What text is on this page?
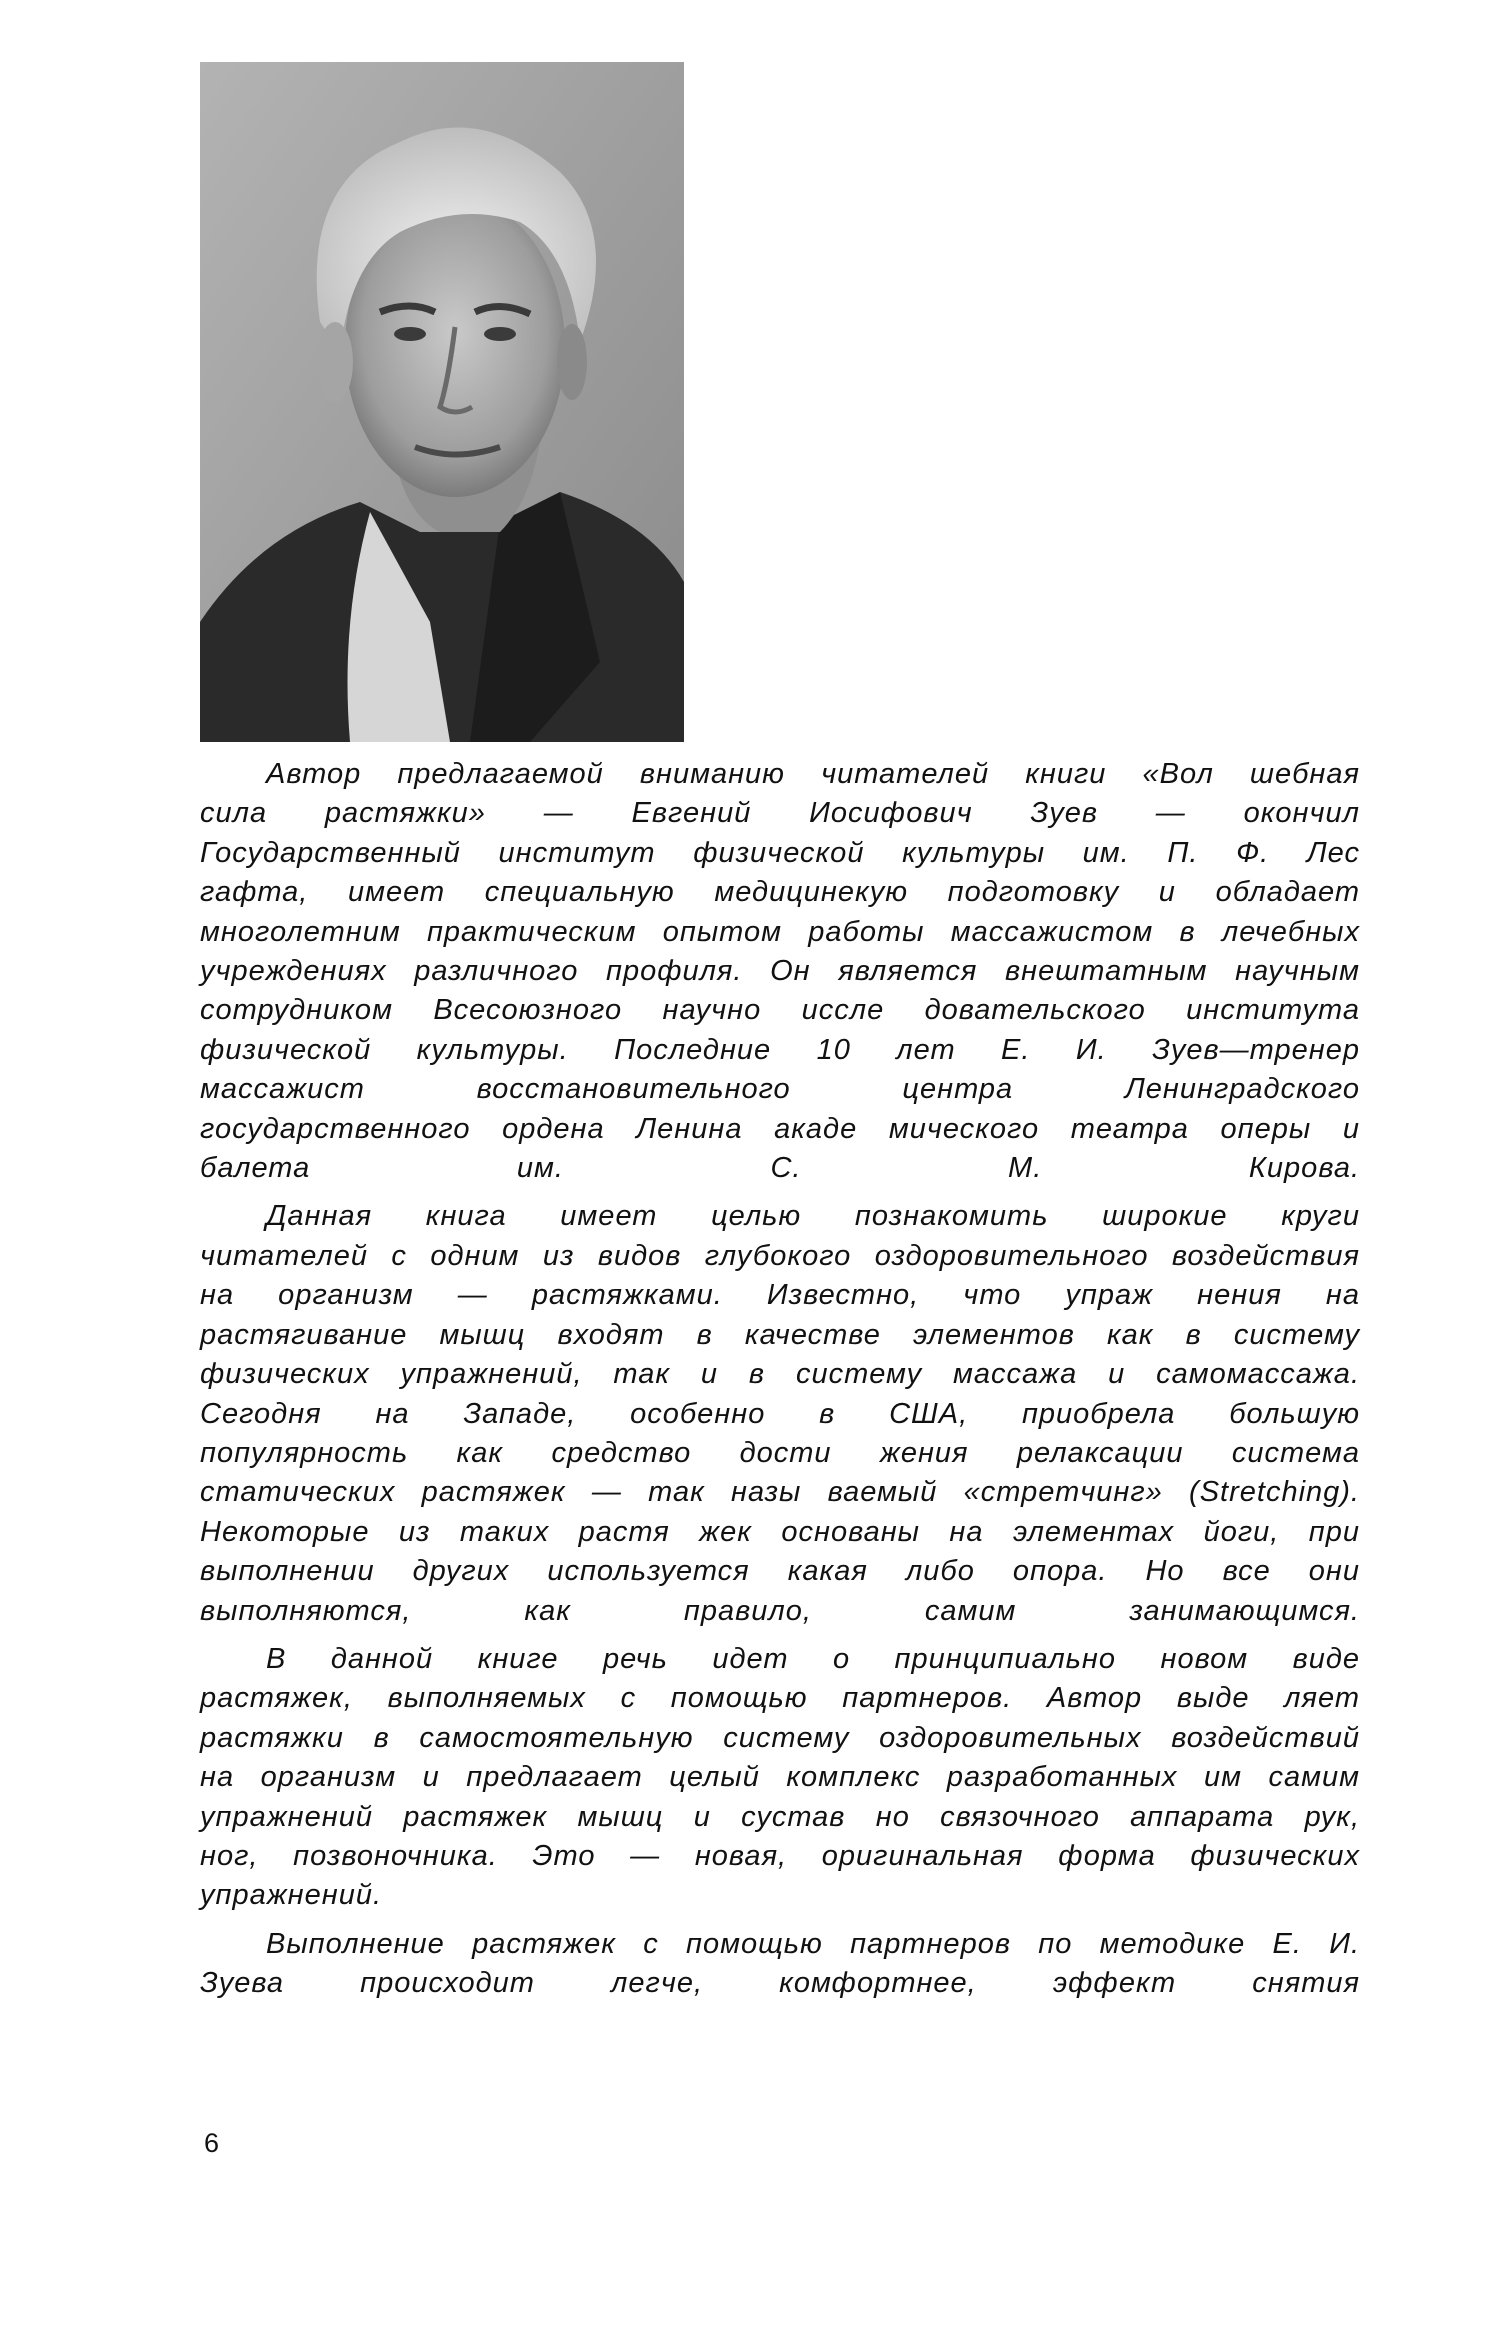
Автор предлагаемой вниманию читателей книги «Вол шебная сила растяжки» — Евгений Иосифович Зуев — окончил Государственный институт физической культуры им. П. Ф. Лес гафта, имеет специальную медицинекую подготовку и обладает многолетним практическим опытом работы массажистом в лечебных учреждениях различного профиля. Он является внештатным научным сотрудником Всесоюзного научно иссле довательского института физической культуры. Последние 10 лет Е. И. Зуев—тренер массажист восстановительного центра Ленинградского государственного ордена Ленина акаде мического театра оперы и балета им. С. М. Кирова.

Данная книга имеет целью познакомить широкие круги читателей с одним из видов глубокого оздоровительного воздействия на организм — растяжками. Известно, что упраж нения на растягивание мышц входят в качестве элементов как в систему физических упражнений, так и в систему массажа и самомассажа. Сегодня на Западе, особенно в США, приобрела большую популярность как средство дости жения релаксации система статических растяжек — так назы ваемый «стретчинг» (Stretching). Некоторые из таких растя жек основаны на элементах йоги, при выполнении других используется какая либо опора. Но все они выполняются, как правило, самим занимающимся.

В данной книге речь идет о принципиально новом виде растяжек, выполняемых с помощью партнеров. Автор выде ляет растяжки в самостоятельную систему оздоровительных воздействий на организм и предлагает целый комплекс разработанных им самим упражнений растяжек мышц и сустав но связочного аппарата рук, ног, позвоночника. Это — новая, оригинальная форма физических упражнений.

Выполнение растяжек с помощью партнеров по методике Е. И. Зуева происходит легче, комфортнее, эффект снятия

6
